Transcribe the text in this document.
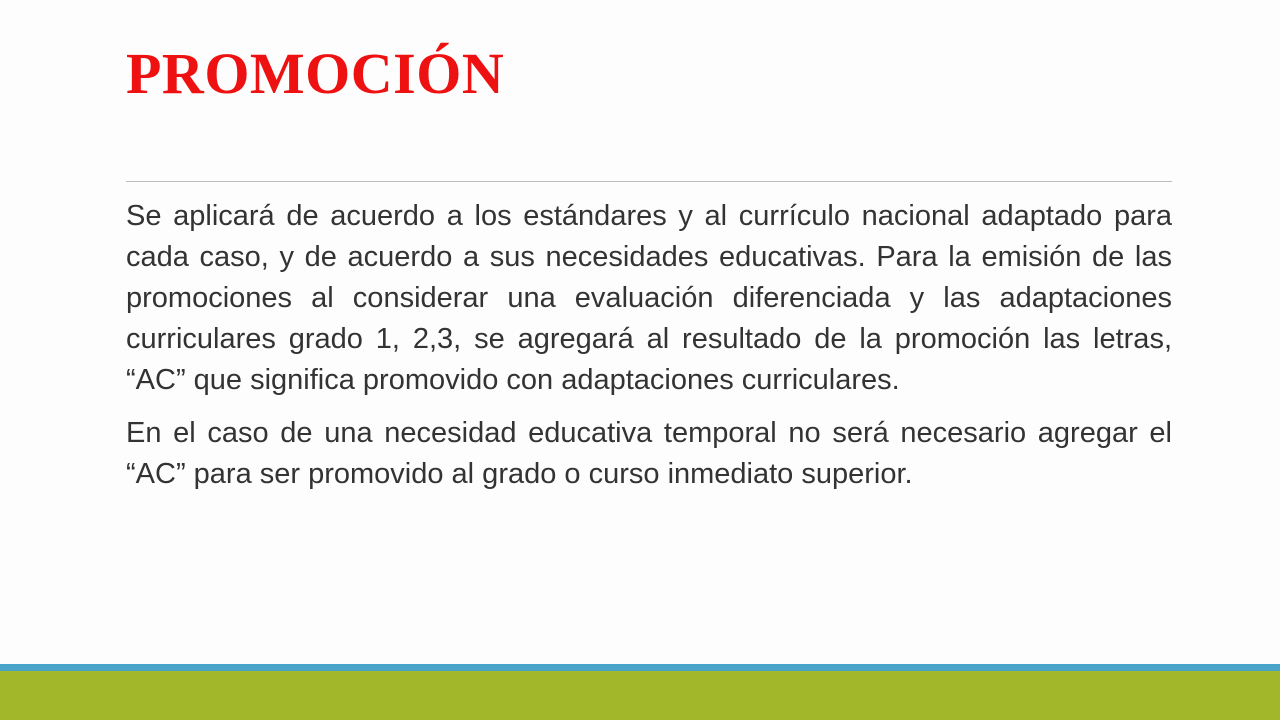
PROMOCIÓN

Se aplicará de acuerdo a los estándares y al currículo nacional adaptado para cada caso, y de acuerdo a sus necesidades educativas. Para la emisión de las promociones al considerar una evaluación diferenciada y las adaptaciones curriculares grado 1, 2,3, se agregará al resultado de la promoción las letras, “AC” que significa promovido con adaptaciones curriculares.

En el caso de una necesidad educativa temporal no será necesario agregar el “AC” para ser promovido al grado o curso inmediato superior.
